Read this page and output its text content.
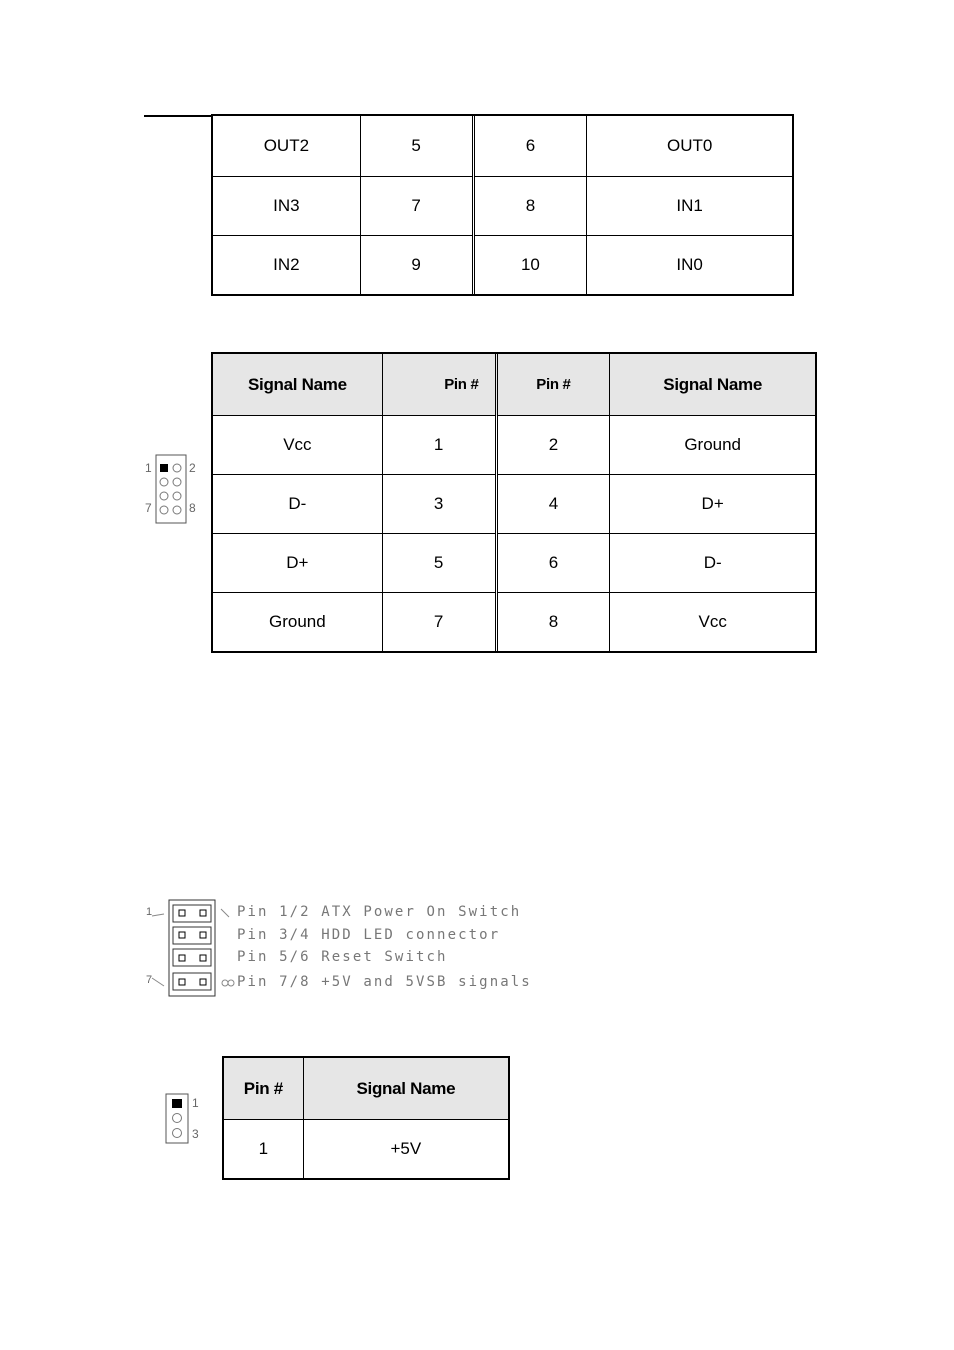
OUT2	5	6	OUT0
IN3	7	8	IN1
IN2	9	10	IN0
1	2
7	8
Signal Name	Pin #	Pin #	Signal Name
Vcc	1	2	Ground
D-	3	4	D+
D+	5	6	D-
Ground	7	8	Vcc
1
7
Pin 1/2 ATX Power On Switch
Pin 3/4 HDD LED connector
Pin 5/6 Reset Switch
Pin 7/8 +5V and 5VSB signals
1
3
Pin #	Signal Name
1	+5V
